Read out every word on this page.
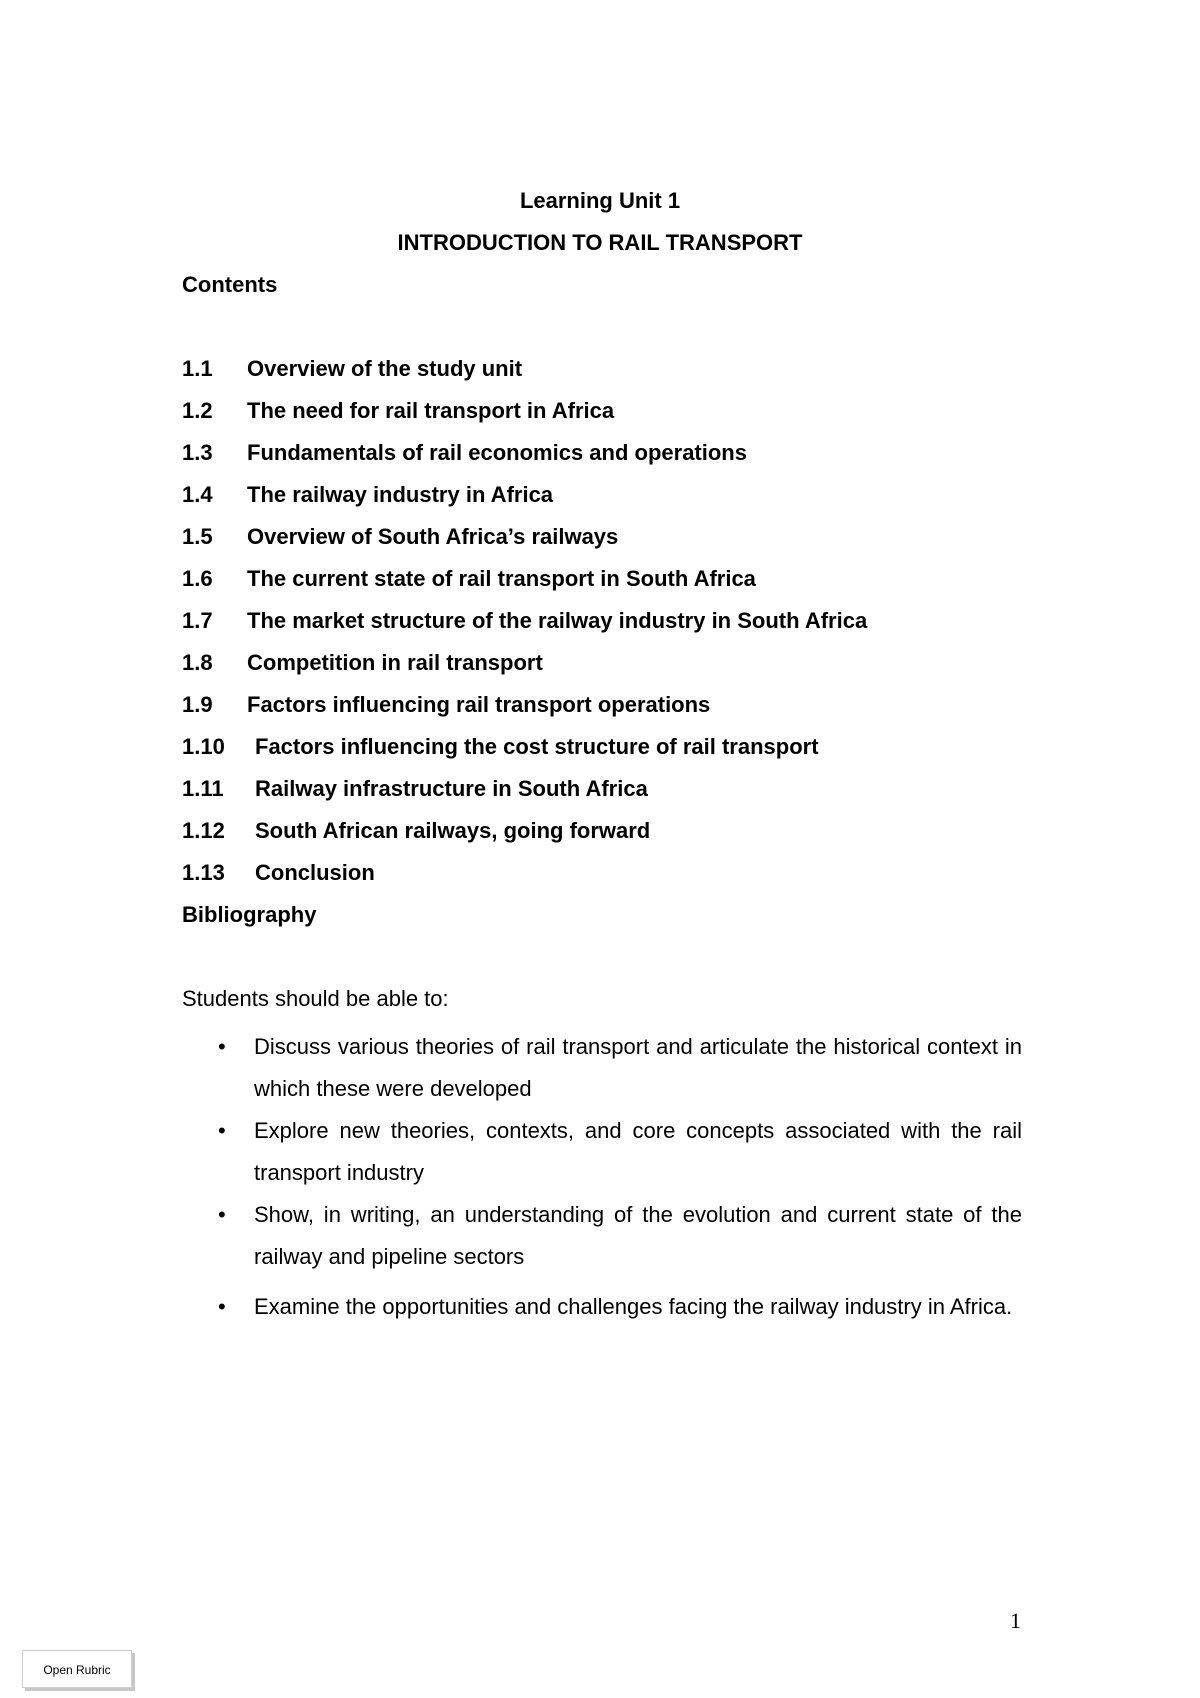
Learning Unit 1
INTRODUCTION TO RAIL TRANSPORT
Contents
1.1	Overview of the study unit
1.2	The need for rail transport in Africa
1.3	Fundamentals of rail economics and operations
1.4	The railway industry in Africa
1.5	Overview of South Africa’s railways
1.6	The current state of rail transport in South Africa
1.7	The market structure of the railway industry in South Africa
1.8	Competition in rail transport
1.9	Factors influencing rail transport operations
1.10	Factors influencing the cost structure of rail transport
1.11	Railway infrastructure in South Africa
1.12	South African railways, going forward
1.13	Conclusion
Bibliography
Students should be able to:
• Discuss various theories of rail transport and articulate the historical context in which these were developed
• Explore new theories, contexts, and core concepts associated with the rail transport industry
• Show, in writing, an understanding of the evolution and current state of the railway and pipeline sectors
• Examine the opportunities and challenges facing the railway industry in Africa.
1
Open Rubric
